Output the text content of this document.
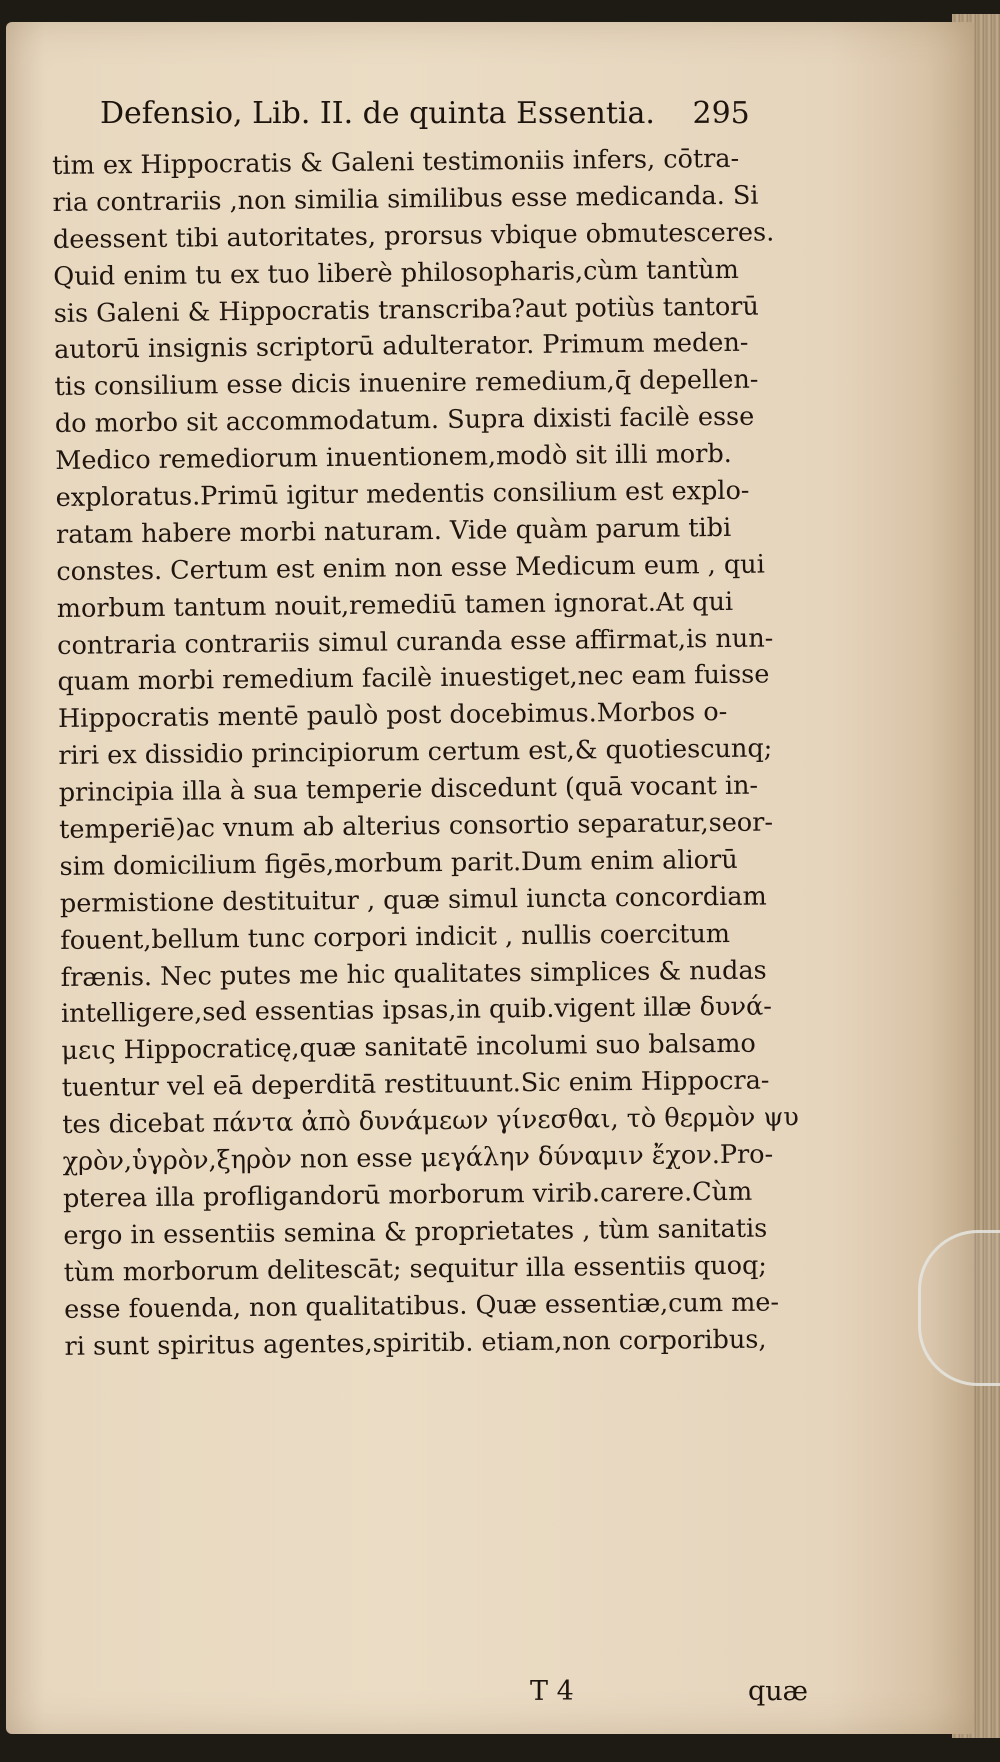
Defensio, Lib. II. de quinta Essentia. 295
tim ex Hippocratis & Galeni testimoniis infers, cōtra-
ria contrariis ,non similia similibus esse medicanda. Si
deessent tibi autoritates, prorsus vbique obmutesceres.
Quid enim tu ex tuo liberè philosopharis,cùm tantùm
sis Galeni & Hippocratis transcriba?aut potiùs tantorū
autorū insignis scriptorū adulterator. Primum meden-
tis consilium esse dicis inuenire remedium,q̄ depellen-
do morbo sit accommodatum. Supra dixisti facilè esse
Medico remediorum inuentionem,modò sit illi morb.
exploratus.Primū igitur medentis consilium est explo-
ratam habere morbi naturam. Vide quàm parum tibi
constes. Certum est enim non esse Medicum eum , qui
morbum tantum nouit,remediū tamen ignorat.At qui
contraria contrariis simul curanda esse affirmat,is nun-
quam morbi remedium facilè inuestiget,nec eam fuisse
Hippocratis mentē paulò post docebimus.Morbos o-
riri ex dissidio principiorum certum est,& quotiescunq;
principia illa à sua temperie discedunt (quā vocant in-
temperiē)ac vnum ab alterius consortio separatur,seor-
sim domicilium figēs,morbum parit.Dum enim aliorū
permistione destituitur , quæ simul iuncta concordiam
fouent,bellum tunc corpori indicit , nullis coercitum
frænis. Nec putes me hic qualitates simplices & nudas
intelligere,sed essentias ipsas,in quib.vigent illæ δυνά-
μεις Hippocraticę,quæ sanitatē incolumi suo balsamo
tuentur vel eā deperditā restituunt.Sic enim Hippocra-
tes dicebat πάντα ἀπὸ δυνάμεων γίνεσθαι, τὸ θερμὸν ψυ
χρὸν,ὑγρὸν,ξηρὸν non esse μεγάλην δύναμιν ἔχον.Pro-
pterea illa profligandorū morborum virib.carere.Cùm
ergo in essentiis semina & proprietates , tùm sanitatis
tùm morborum delitescāt; sequitur illa essentiis quoq;
esse fouenda, non qualitatibus. Quæ essentiæ,cum me-
ri sunt spiritus agentes,spiritib. etiam,non corporibus,
T 4	quæ
